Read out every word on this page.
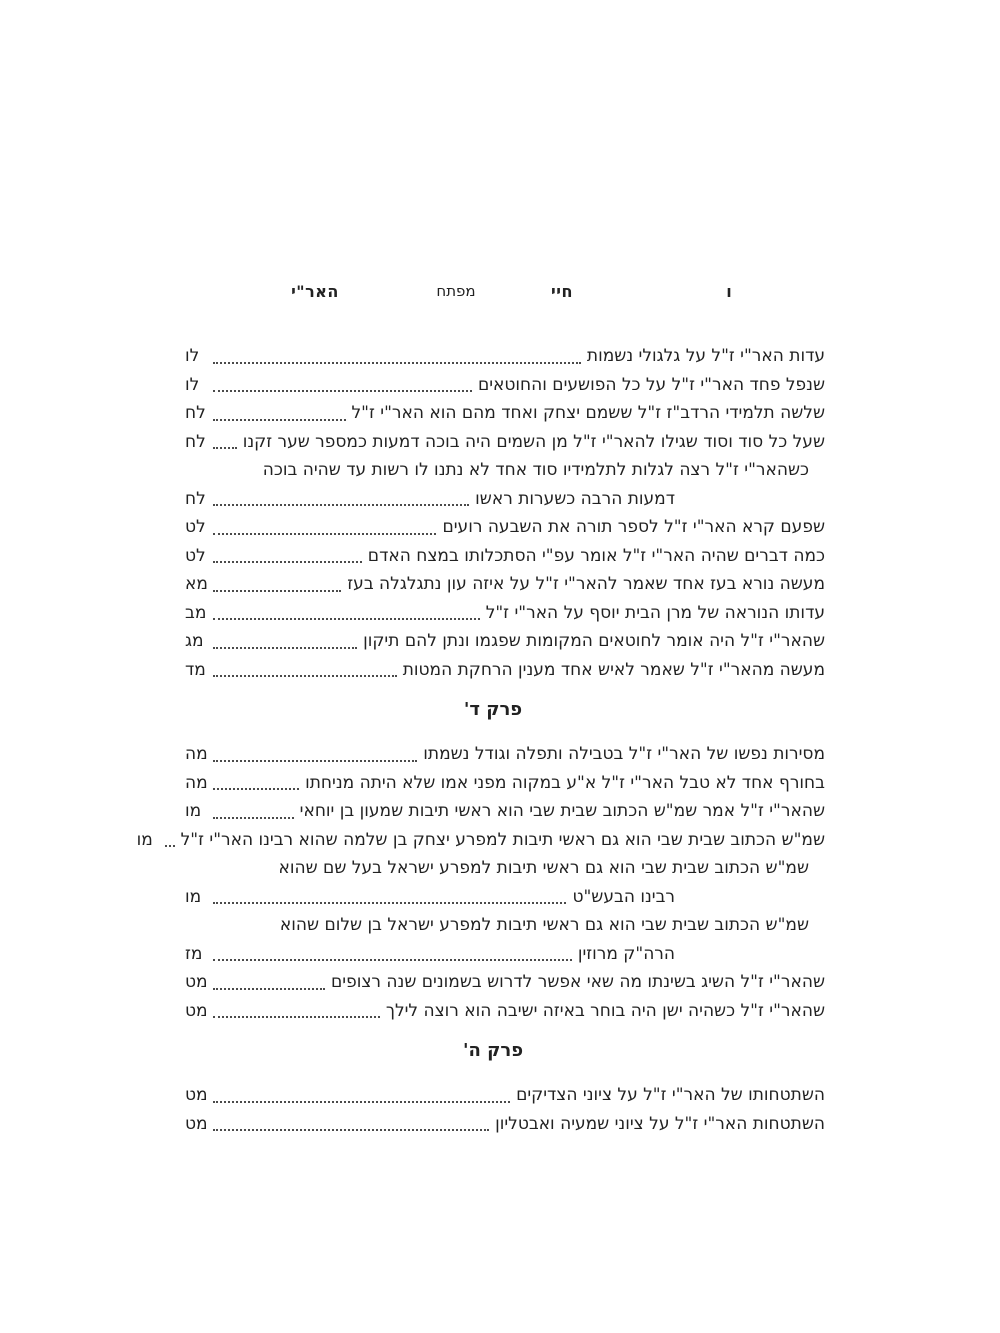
ו
חיי
מפתח
האר"י
עדות האר"י ז"ל על גלגולי נשמות
לו
שנפל פחד האר"י ז"ל על כל הפושעים והחוטאים
לו
שלשה תלמידי הרדב"ז ז"ל ששמם יצחק ואחד מהם הוא האר"י ז"ל
לח
שעל כל סוד וסוד שגילו להאר"י ז"ל מן השמים היה בוכה דמעות כמספר שער זקנו
לח
כשהאר"י ז"ל רצה לגלות לתלמידיו סוד אחד לא נתנו לו רשות עד שהיה בוכה
דמעות הרבה כשערות ראשו
לח
שפעם קרא האר"י ז"ל לספר תורה את השבעה רועים
לט
כמה דברים שהיה האר"י ז"ל אומר עפ"י הסתכלותו במצח האדם
לט
מעשה נורא בעז אחד שאמר להאר"י ז"ל על איזה עון נתגלגלה בעז
מא
עדותו הנוראה של מרן הבית יוסף על האר"י ז"ל
מב
שהאר"י ז"ל היה אומר לחוטאים המקומות שפגמו ונתן להם תיקון
מג
מעשה מהאר"י ז"ל שאמר לאיש אחד מענין הרחקת המטות
מד
פרק ד'
מסירות נפשו של האר"י ז"ל בטבילה ותפלה וגודל נשמתו
מה
בחורף אחד לא טבל האר"י ז"ל א"ע במקוה מפני אמו שלא היתה מניחתו
מה
שהאר"י ז"ל אמר שמ"ש הכתוב שבית שבי הוא ראשי תיבות שמעון בן יוחאי
מו
שמ"ש הכתוב שבית שבי הוא גם ראשי תיבות למפרע יצחק בן שלמה שהוא רבינו האר"י ז"ל
מו
שמ"ש הכתוב שבית שבי הוא גם ראשי תיבות למפרע ישראל בעל שם שהוא
רבינו הבעש"ט
מו
שמ"ש הכתוב שבית שבי הוא גם ראשי תיבות למפרע ישראל בן שלום שהוא
הרה"ק מרוזין
מז
שהאר"י ז"ל השיג בשינתו מה שאי אפשר לדרוש בשמונים שנה רצופים
מט
שהאר"י ז"ל כשהיה ישן היה בוחר באיזה ישיבה הוא רוצה לילך
מט
פרק ה'
השתטחותו של האר"י ז"ל על ציוני הצדיקים
מט
השתטחות האר"י ז"ל על ציוני שמעיה ואבטליון
מט
